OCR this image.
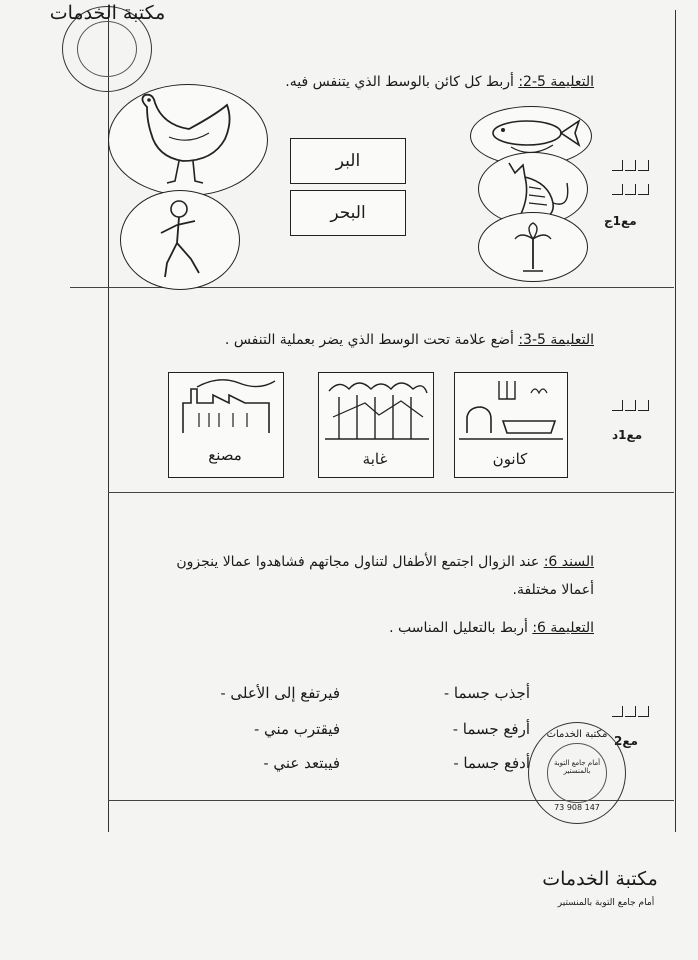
مكتبة الخدمات
التعليمة 5-2: أربط كل كائن بالوسط الذي يتنفس فيه.
البر
البحر	مع1ج
التعليمة 5-3: أضع علامة تحت الوسط الذي يضر بعملية التنفس .
مصنع	غابة	كانون
مع1د
السند 6: عند الزوال اجتمع الأطفال لتناول مجاتهم فشاهدوا عمالا ينجزون
أعمالا مختلفة.
التعليمة 6: أربط بالتعليل المناسب .
أجذب جسما -
أرفع جسما -
أدفع جسما -
فيرتفع إلى الأعلى -
فيقترب مني -
فيبتعد عني -
مع2
مكتبة الخدمات
أمام جامع التوبة بالمنستير
73 908 147
مكتبة الخدمات
أمام جامع التوبة بالمنستير
